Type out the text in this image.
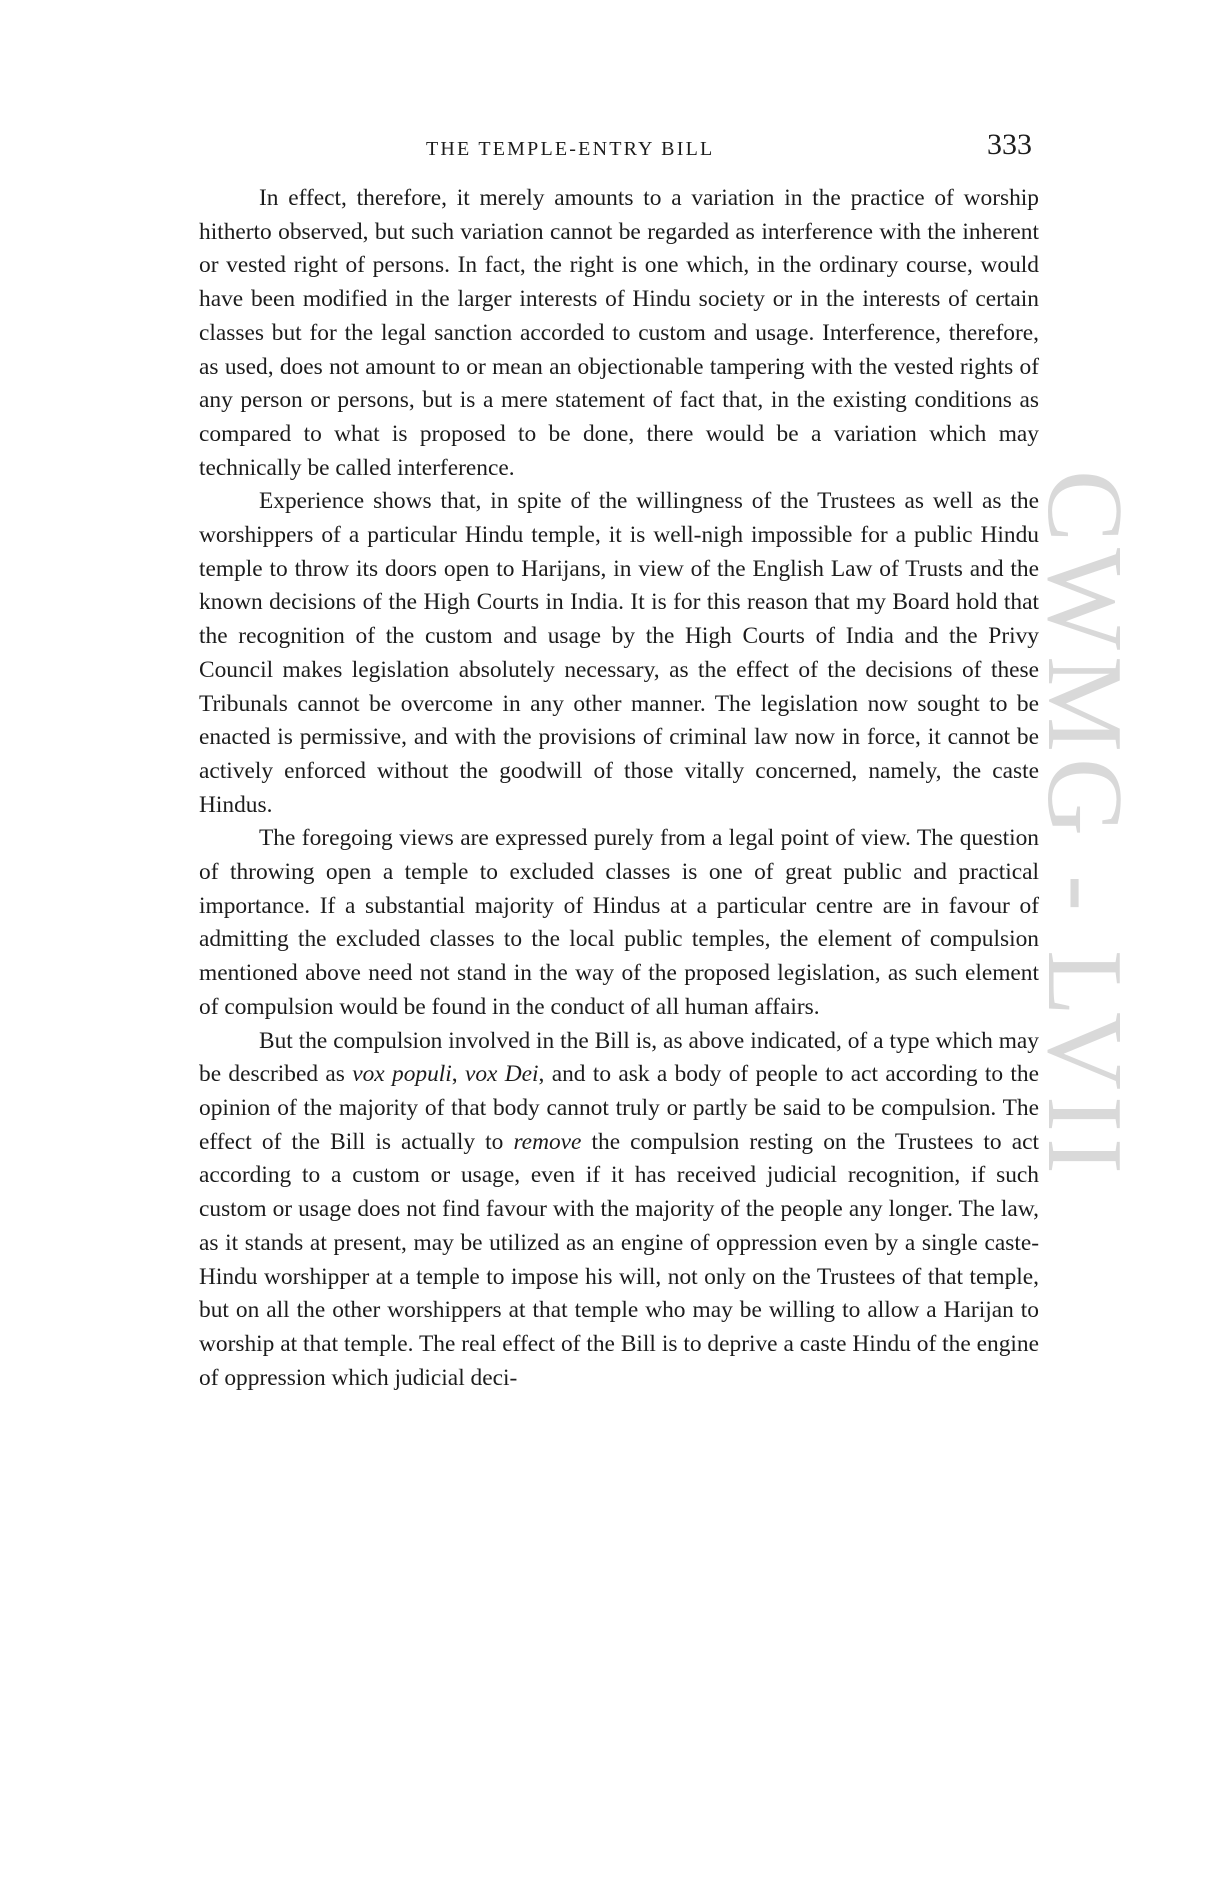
CWMG - LVII
THE TEMPLE-ENTRY BILL	333

In effect, therefore, it merely amounts to a variation in the practice of worship hitherto observed, but such variation cannot be regarded as interference with the inherent or vested right of persons. In fact, the right is one which, in the ordinary course, would have been modified in the larger interests of Hindu society or in the interests of certain classes but for the legal sanction accorded to custom and usage. Interference, therefore, as used, does not amount to or mean an objectionable tampering with the vested rights of any person or persons, but is a mere statement of fact that, in the existing conditions as compared to what is proposed to be done, there would be a variation which may technically be called interference.

Experience shows that, in spite of the willingness of the Trustees as well as the worshippers of a particular Hindu temple, it is well-nigh impossible for a public Hindu temple to throw its doors open to Harijans, in view of the English Law of Trusts and the known decisions of the High Courts in India. It is for this reason that my Board hold that the recognition of the custom and usage by the High Courts of India and the Privy Council makes legislation absolutely necessary, as the effect of the decisions of these Tribunals cannot be overcome in any other manner. The legislation now sought to be enacted is permissive, and with the provisions of criminal law now in force, it cannot be actively enforced without the goodwill of those vitally concerned, namely, the caste Hindus.

The foregoing views are expressed purely from a legal point of view. The question of throwing open a temple to excluded classes is one of great public and practical importance. If a substantial majority of Hindus at a particular centre are in favour of admitting the excluded classes to the local public temples, the element of compulsion mentioned above need not stand in the way of the proposed legislation, as such element of compulsion would be found in the conduct of all human affairs.

But the compulsion involved in the Bill is, as above indicated, of a type which may be described as vox populi, vox Dei, and to ask a body of people to act according to the opinion of the majority of that body cannot truly or partly be said to be compulsion. The effect of the Bill is actually to remove the compulsion resting on the Trustees to act according to a custom or usage, even if it has received judicial recognition, if such custom or usage does not find favour with the majority of the people any longer. The law, as it stands at present, may be utilized as an engine of oppression even by a single caste-Hindu worshipper at a temple to impose his will, not only on the Trustees of that temple, but on all the other worshippers at that temple who may be willing to allow a Harijan to worship at that temple. The real effect of the Bill is to deprive a caste Hindu of the engine of oppression which judicial deci-
